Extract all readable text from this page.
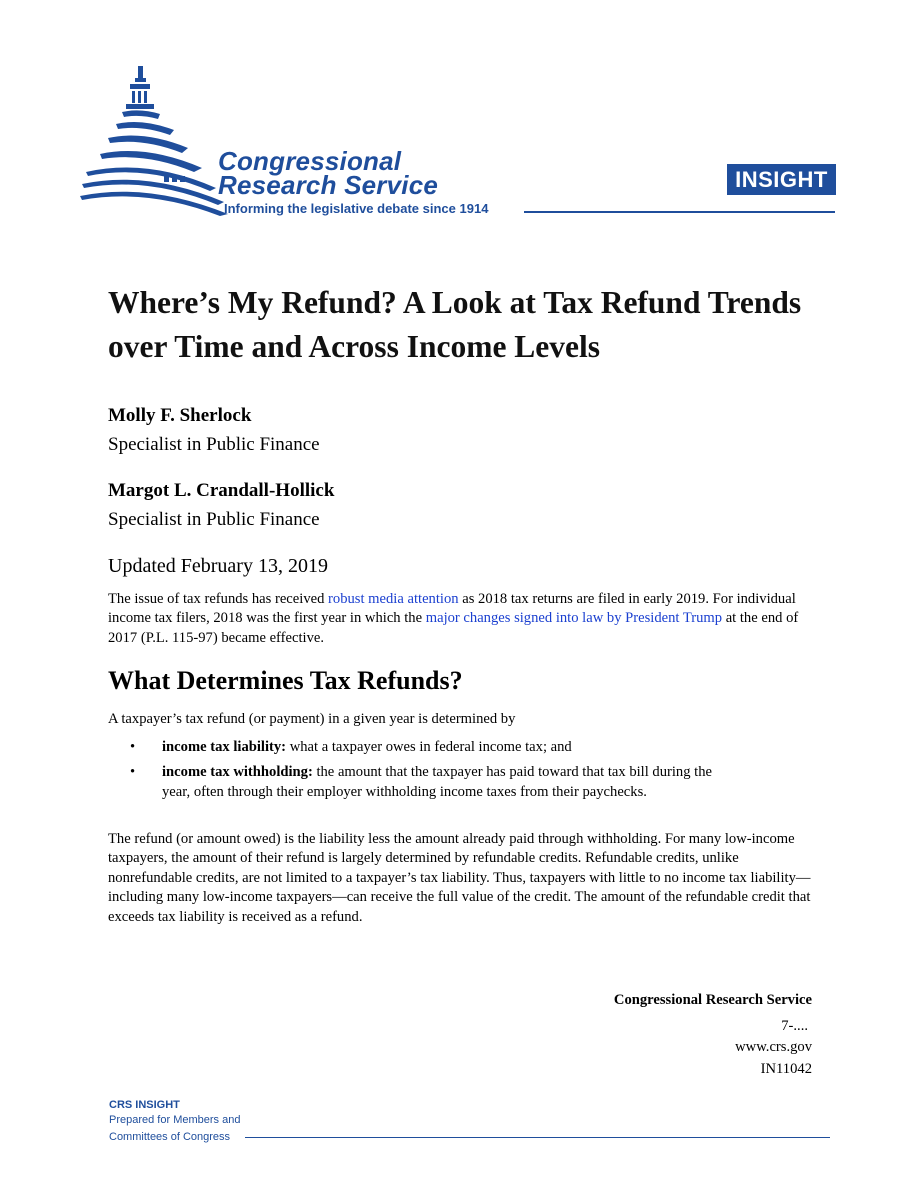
Congressional
Research Service
Informing the legislative debate since 1914
INSIGHT
Where’s My Refund? A Look at Tax Refund Trends over Time and Across Income Levels
Molly F. Sherlock
Specialist in Public Finance
Margot L. Crandall-Hollick
Specialist in Public Finance
Updated February 13, 2019

The issue of tax refunds has received robust media attention as 2018 tax returns are filed in early 2019. For individual income tax filers, 2018 was the first year in which the major changes signed into law by President Trump at the end of 2017 (P.L. 115-97) became effective.

What Determines Tax Refunds?

A taxpayer’s tax refund (or payment) in a given year is determined by

• income tax liability: what a taxpayer owes in federal income tax; and
• income tax withholding: the amount that the taxpayer has paid toward that tax bill during the year, often through their employer withholding income taxes from their paychecks.

The refund (or amount owed) is the liability less the amount already paid through withholding. For many low-income taxpayers, the amount of their refund is largely determined by refundable credits. Refundable credits, unlike nonrefundable credits, are not limited to a taxpayer’s tax liability. Thus, taxpayers with little to no income tax liability—including many low-income taxpayers—can receive the full value of the credit. The amount of the refundable credit that exceeds tax liability is received as a refund.

Congressional Research Service
7-....
www.crs.gov
IN11042
CRS INSIGHT
Prepared for Members and
Committees of Congress
